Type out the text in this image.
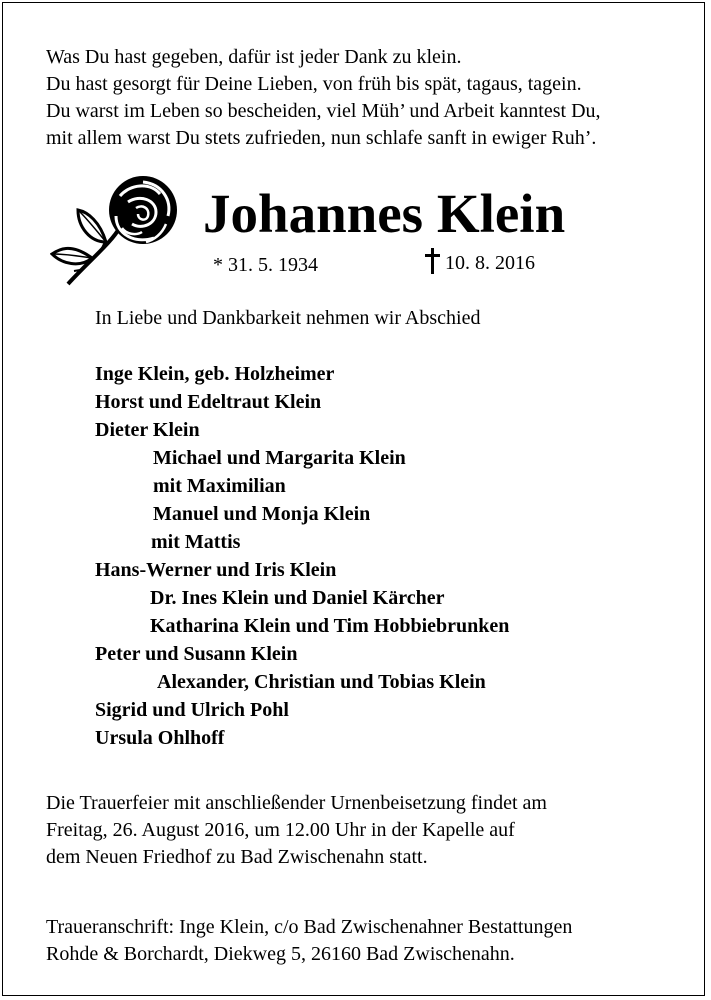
Was Du hast gegeben, dafür ist jeder Dank zu klein.
Du hast gesorgt für Deine Lieben, von früh bis spät, tagaus, tagein.
Du warst im Leben so bescheiden, viel Müh’ und Arbeit kanntest Du,
mit allem warst Du stets zufrieden, nun schlafe sanft in ewiger Ruh’.
Johannes Klein
* 31. 5. 1934	10. 8. 2016
In Liebe und Dankbarkeit nehmen wir Abschied
Inge Klein, geb. Holzheimer
Horst und Edeltraut Klein
Dieter Klein
Michael und Margarita Klein
mit Maximilian
Manuel und Monja Klein
mit Mattis
Hans-Werner und Iris Klein
Dr. Ines Klein und Daniel Kärcher
Katharina Klein und Tim Hobbiebrunken
Peter und Susann Klein
Alexander, Christian und Tobias Klein
Sigrid und Ulrich Pohl
Ursula Ohlhoff
Die Trauerfeier mit anschließender Urnenbeisetzung findet am
Freitag, 26. August 2016, um 12.00 Uhr in der Kapelle auf
dem Neuen Friedhof zu Bad Zwischenahn statt.
Traueranschrift: Inge Klein, c/o Bad Zwischenahner Bestattungen
Rohde & Borchardt, Diekweg 5, 26160 Bad Zwischenahn.
